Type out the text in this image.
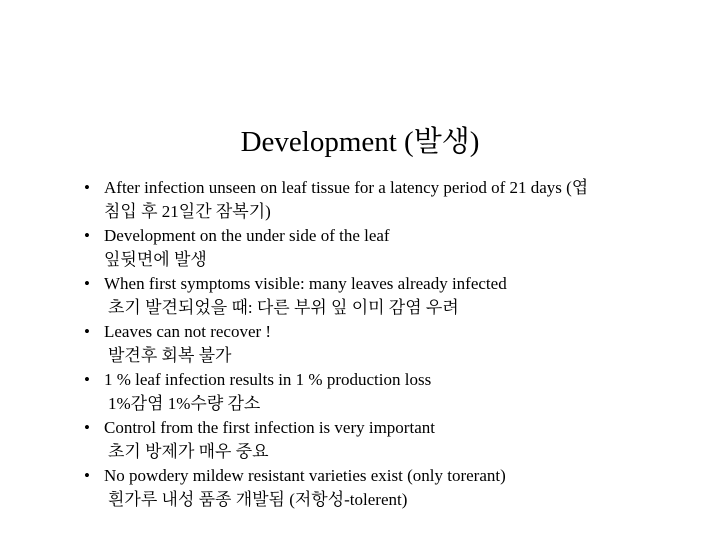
Development (발생)
• After infection unseen on leaf tissue for a latency period of 21 days (엽
침입 후 21일간 잠복기)
• Development on the under side of the leaf
잎뒷면에 발생
• When first symptoms visible: many leaves already infected
초기 발견되었을 때: 다른 부위 잎 이미 감염 우려
• Leaves can not recover !
발견후 회복 불가
• 1 % leaf infection results in 1 % production loss
1%감염 1%수량 감소
• Control from the first infection is very important
초기 방제가 매우 중요
• No powdery mildew resistant varieties exist (only torerant)
흰가루 내성 품종 개발됨 (저항성-tolerent)
